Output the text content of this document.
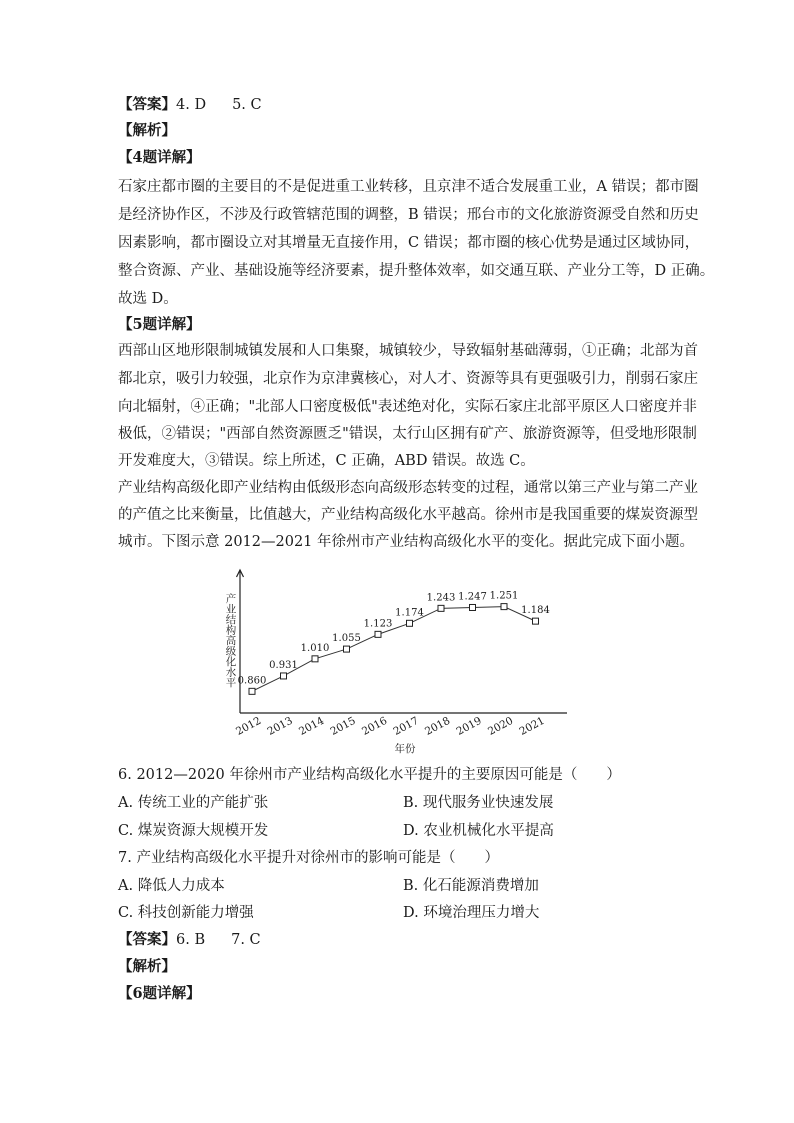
【答案】4. D 5. C
【解析】
【4题详解】
石家庄都市圈的主要目的不是促进重工业转移，且京津不适合发展重工业，A 错误；都市圈
是经济协作区，不涉及行政管辖范围的调整，B 错误；邢台市的文化旅游资源受自然和历史
因素影响，都市圈设立对其增量无直接作用，C 错误；都市圈的核心优势是通过区域协同，
整合资源、产业、基础设施等经济要素，提升整体效率，如交通互联、产业分工等，D 正确。
故选 D。
【5题详解】
西部山区地形限制城镇发展和人口集聚，城镇较少，导致辐射基础薄弱，①正确；北部为首
都北京，吸引力较强，北京作为京津冀核心，对人才、资源等具有更强吸引力，削弱石家庄
向北辐射，④正确；"北部人口密度极低"表述绝对化，实际石家庄北部平原区人口密度并非
极低，②错误；"西部自然资源匮乏"错误，太行山区拥有矿产、旅游资源等，但受地形限制
开发难度大，③错误。综上所述，C 正确，ABD 错误。故选 C。
产业结构高级化即产业结构由低级形态向高级形态转变的过程，通常以第三产业与第二产业
的产值之比来衡量，比值越大，产业结构高级化水平越高。徐州市是我国重要的煤炭资源型
城市。下图示意 2012—2021 年徐州市产业结构高级化水平的变化。据此完成下面小题。
产业结构高级化水平 0.860
2012
0.931
2013
1.010
2014
1.055
2015
1.123
2016
1.174
2017
1.243
2018
1.247
2019
1.251
2020
1.184
2021
年份
6. 2012—2020 年徐州市产业结构高级化水平提升的主要原因可能是（　　）
A. 传统工业的产能扩张	B. 现代服务业快速发展
C. 煤炭资源大规模开发	D. 农业机械化水平提高
7. 产业结构高级化水平提升对徐州市的影响可能是（　　）
A. 降低人力成本	B. 化石能源消费增加
C. 科技创新能力增强	D. 环境治理压力增大
【答案】6. B 7. C
【解析】
【6题详解】
